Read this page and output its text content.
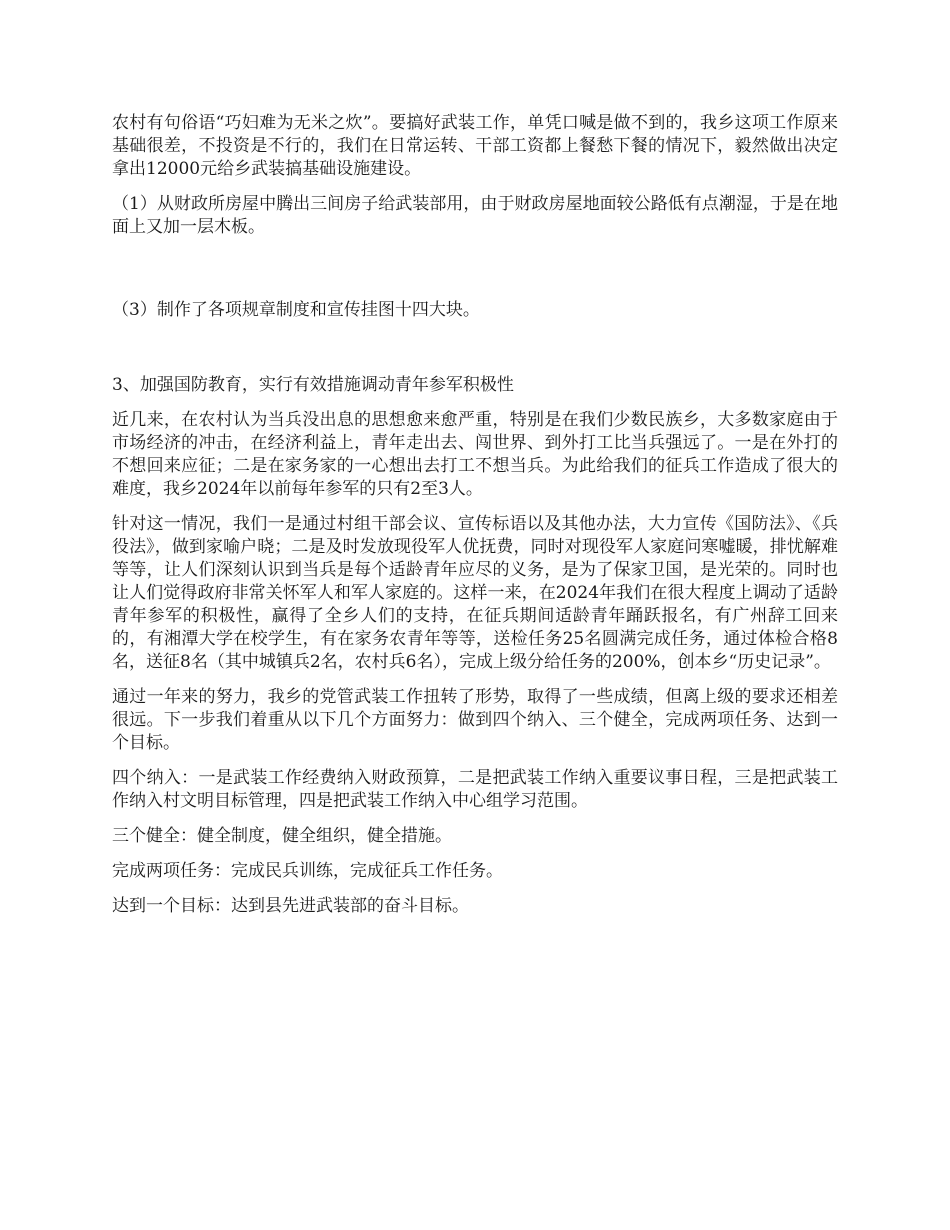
农村有句俗语“巧妇难为无米之炊”。要搞好武装工作，单凭口喊是做不到的，我乡这项工作原来基础很差，不投资是不行的，我们在日常运转、干部工资都上餐愁下餐的情况下，毅然做出决定拿出12000元给乡武装搞基础设施建设。

（1）从财政所房屋中腾出三间房子给武装部用，由于财政房屋地面较公路低有点潮湿，于是在地面上又加一层木板。

（3）制作了各项规章制度和宣传挂图十四大块。

3、加强国防教育，实行有效措施调动青年参军积极性

近几来，在农村认为当兵没出息的思想愈来愈严重，特别是在我们少数民族乡，大多数家庭由于市场经济的冲击，在经济利益上，青年走出去、闯世界、到外打工比当兵强远了。一是在外打的不想回来应征；二是在家务家的一心想出去打工不想当兵。为此给我们的征兵工作造成了很大的难度，我乡2024年以前每年参军的只有2至3人。

针对这一情况，我们一是通过村组干部会议、宣传标语以及其他办法，大力宣传《国防法》、《兵役法》，做到家喻户晓；二是及时发放现役军人优抚费，同时对现役军人家庭问寒嘘暖，排忧解难等等，让人们深刻认识到当兵是每个适龄青年应尽的义务，是为了保家卫国，是光荣的。同时也让人们觉得政府非常关怀军人和军人家庭的。这样一来，在2024年我们在很大程度上调动了适龄青年参军的积极性，赢得了全乡人们的支持，在征兵期间适龄青年踊跃报名，有广州辞工回来的，有湘潭大学在校学生，有在家务农青年等等，送检任务25名圆满完成任务，通过体检合格8名，送征8名（其中城镇兵2名，农村兵6名），完成上级分给任务的200%，创本乡“历史记录”。

通过一年来的努力，我乡的党管武装工作扭转了形势，取得了一些成绩，但离上级的要求还相差很远。下一步我们着重从以下几个方面努力：做到四个纳入、三个健全，完成两项任务、达到一个目标。

四个纳入：一是武装工作经费纳入财政预算，二是把武装工作纳入重要议事日程，三是把武装工作纳入村文明目标管理，四是把武装工作纳入中心组学习范围。

三个健全：健全制度，健全组织，健全措施。

完成两项任务：完成民兵训练，完成征兵工作任务。

达到一个目标：达到县先进武装部的奋斗目标。
